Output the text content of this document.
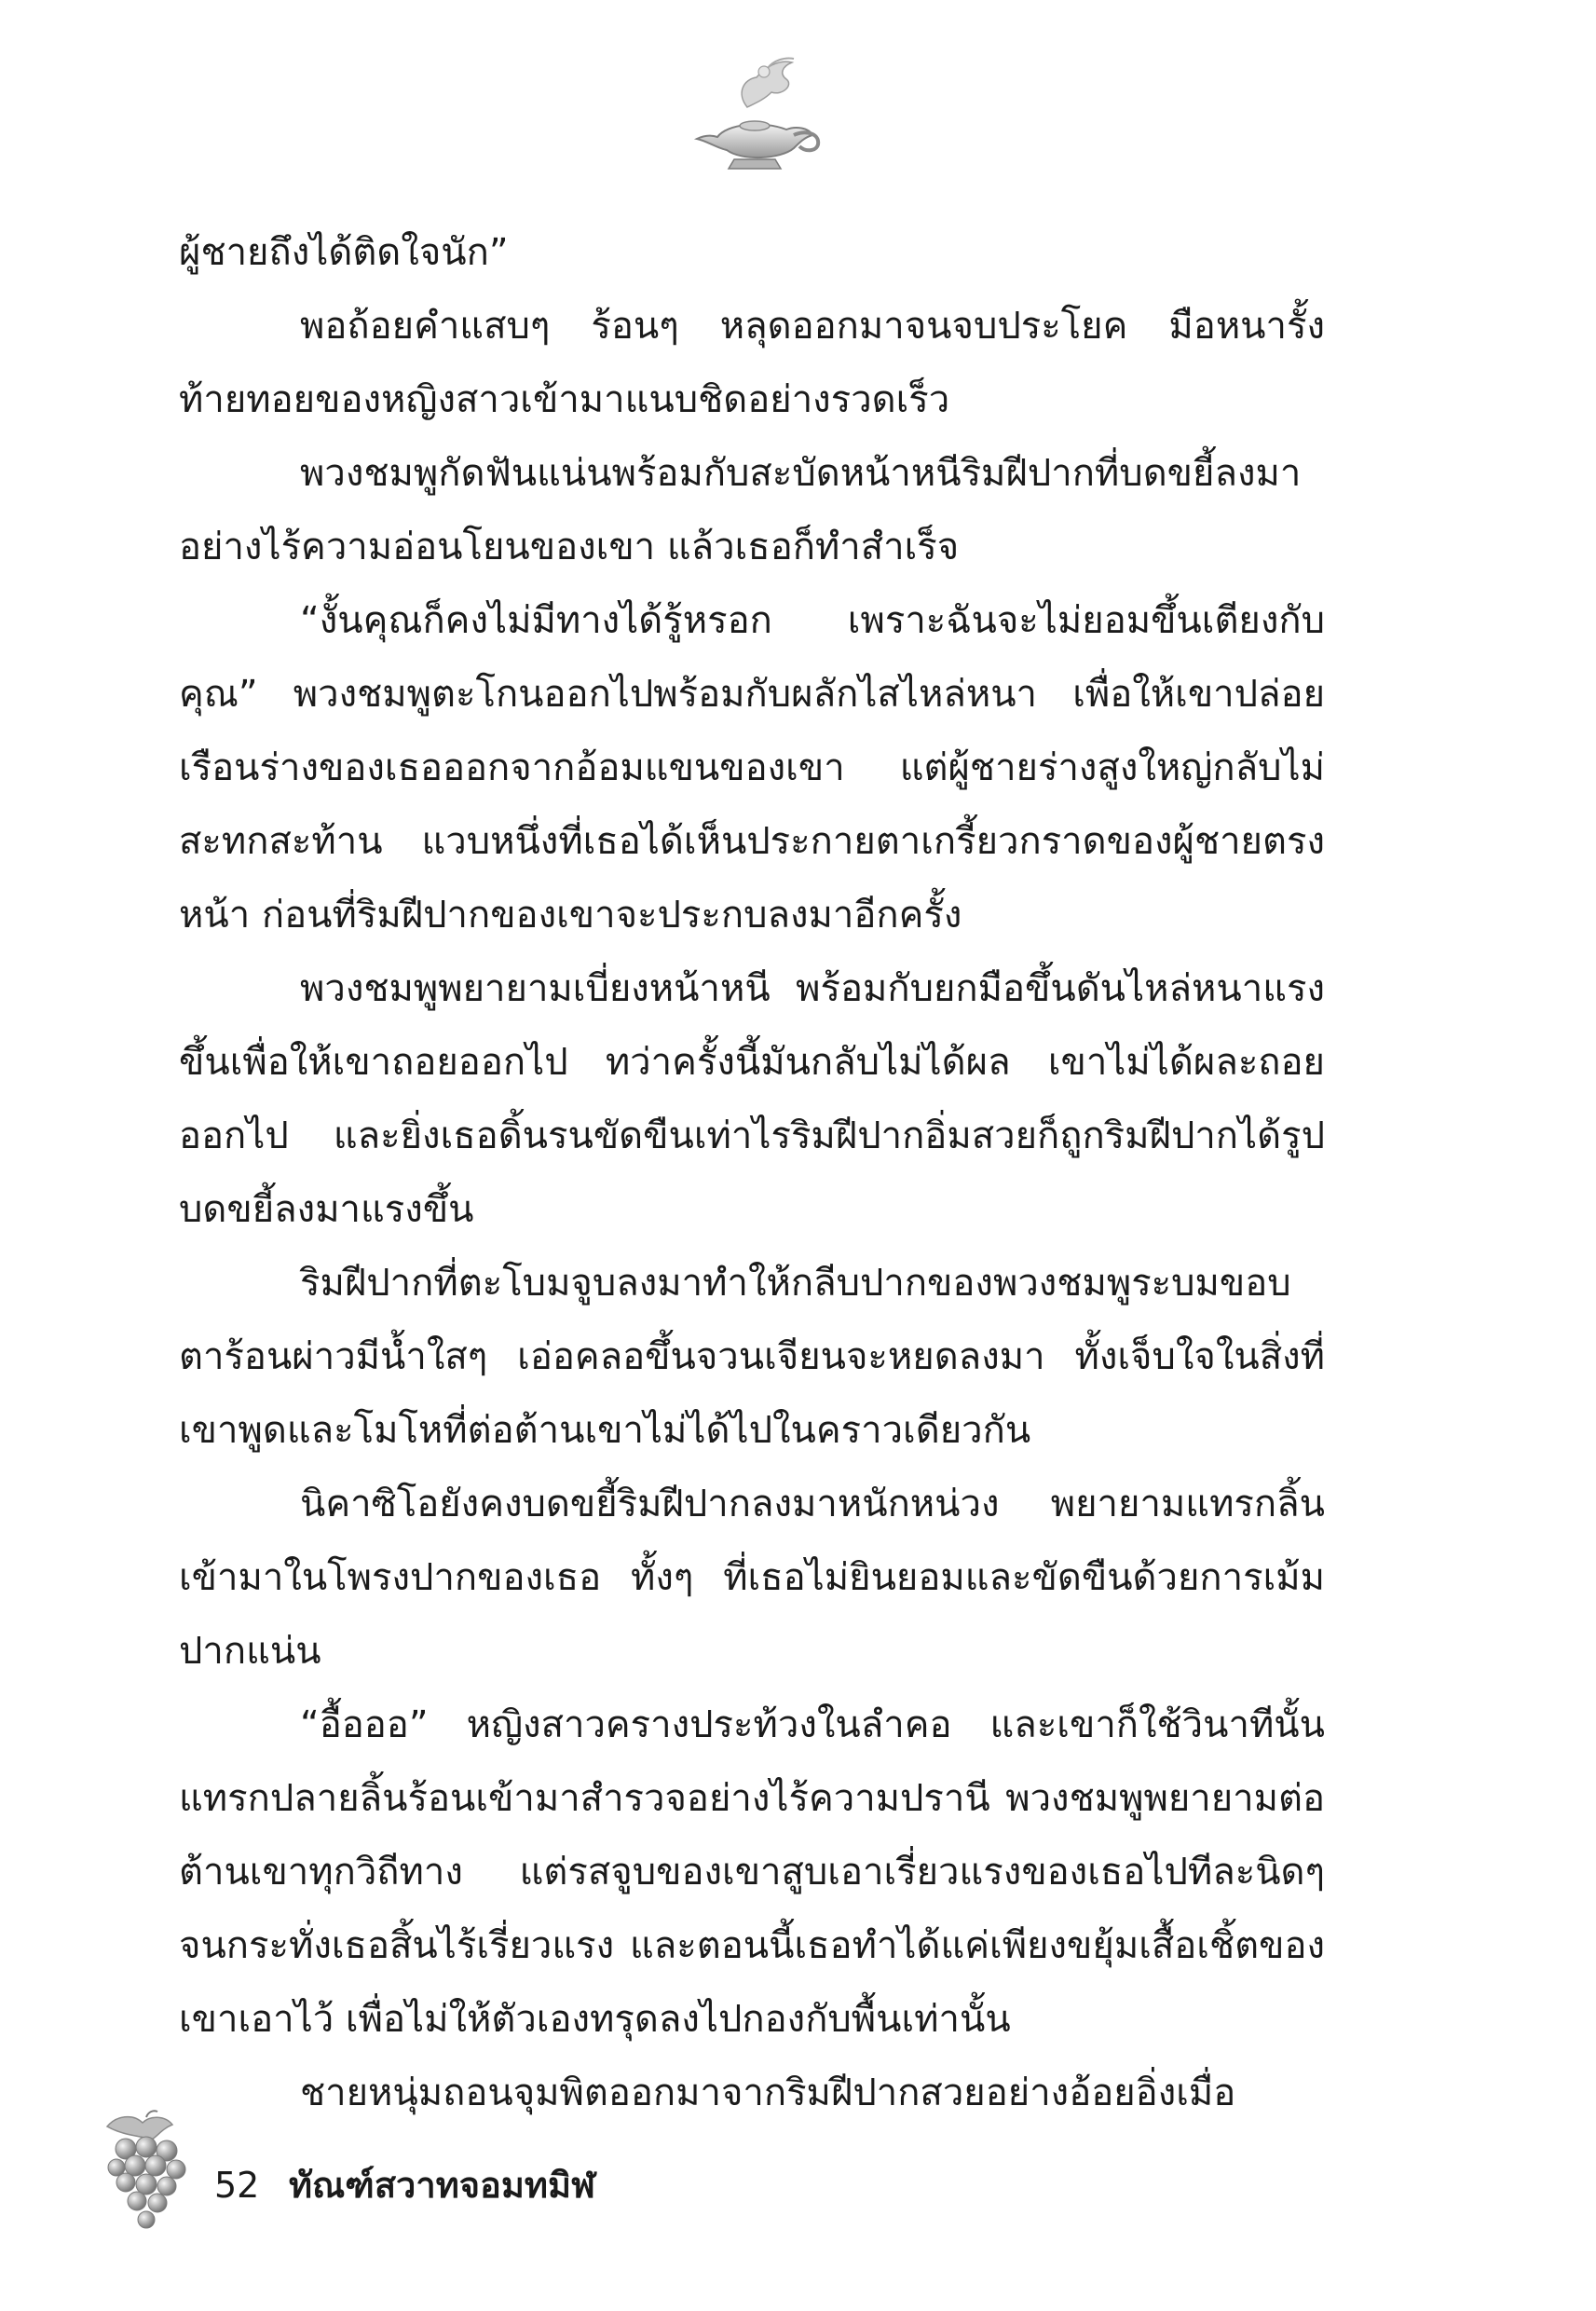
ผู้ชายถึงได้ติดใจนัก”

พอถ้อยคำแสบๆ ร้อนๆ หลุดออกมาจนจบประโยค มือหนารั้งท้ายทอยของหญิงสาวเข้ามาแนบชิดอย่างรวดเร็ว

พวงชมพูกัดฟันแน่นพร้อมกับสะบัดหน้าหนีริมฝีปากที่บดขยี้ลงมาอย่างไร้ความอ่อนโยนของเขา แล้วเธอก็ทำสำเร็จ

“งั้นคุณก็คงไม่มีทางได้รู้หรอก เพราะฉันจะไม่ยอมขึ้นเตียงกับคุณ” พวงชมพูตะโกนออกไปพร้อมกับผลักไสไหล่หนา เพื่อให้เขาปล่อยเรือนร่างของเธอออกจากอ้อมแขนของเขา แต่ผู้ชายร่างสูงใหญ่กลับไม่สะทกสะท้าน แวบหนึ่งที่เธอได้เห็นประกายตาเกรี้ยวกราดของผู้ชายตรงหน้า ก่อนที่ริมฝีปากของเขาจะประกบลงมาอีกครั้ง

พวงชมพูพยายามเบี่ยงหน้าหนี พร้อมกับยกมือขึ้นดันไหล่หนาแรงขึ้นเพื่อให้เขาถอยออกไป ทว่าครั้งนี้มันกลับไม่ได้ผล เขาไม่ได้ผละถอยออกไป และยิ่งเธอดิ้นรนขัดขืนเท่าไรริมฝีปากอิ่มสวยก็ถูกริมฝีปากได้รูปบดขยี้ลงมาแรงขึ้น

ริมฝีปากที่ตะโบมจูบลงมาทำให้กลีบปากของพวงชมพูระบมขอบตาร้อนผ่าวมีน้ำใสๆ เอ่อคลอขึ้นจวนเจียนจะหยดลงมา ทั้งเจ็บใจในสิ่งที่เขาพูดและโมโหที่ต่อต้านเขาไม่ได้ไปในคราวเดียวกัน

นิคาซิโอยังคงบดขยี้ริมฝีปากลงมาหนักหน่วง พยายามแทรกลิ้นเข้ามาในโพรงปากของเธอ ทั้งๆ ที่เธอไม่ยินยอมและขัดขืนด้วยการเม้มปากแน่น

“อื้อออ” หญิงสาวครางประท้วงในลำคอ และเขาก็ใช้วินาทีนั้นแทรกปลายลิ้นร้อนเข้ามาสำรวจอย่างไร้ความปรานี พวงชมพูพยายามต่อต้านเขาทุกวิถีทาง แต่รสจูบของเขาสูบเอาเรี่ยวแรงของเธอไปทีละนิดๆ จนกระทั่งเธอสิ้นไร้เรี่ยวแรง และตอนนี้เธอทำได้แค่เพียงขยุ้มเสื้อเชิ้ตของเขาเอาไว้ เพื่อไม่ให้ตัวเองทรุดลงไปกองกับพื้นเท่านั้น

ชายหนุ่มถอนจุมพิตออกมาจากริมฝีปากสวยอย่างอ้อยอิ่งเมื่อ

52 ทัณฑ์สวาทจอมทมิฬ
